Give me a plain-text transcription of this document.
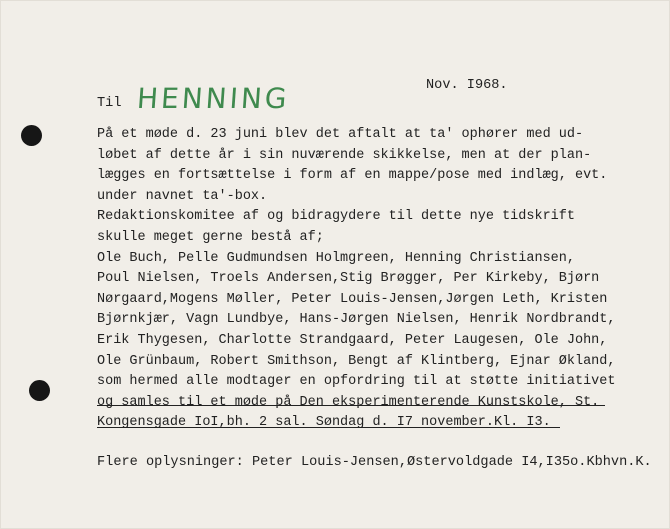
Nov. I968.
Til HENNING
På et møde d. 23 juni blev det aftalt at ta' ophører med ud-
løbet af dette år i sin nuværende skikkelse, men at der plan-
lægges en fortsættelse i form af en mappe/pose med indlæg, evt.
under navnet ta'-box.
Redaktionskomitee af og bidragydere til dette nye tidskrift
skulle meget gerne bestå af;
Ole Buch, Pelle Gudmundsen Holmgreen, Henning Christiansen,
Poul Nielsen, Troels Andersen,Stig Brøgger, Per Kirkeby, Bjørn
Nørgaard,Mogens Møller, Peter Louis-Jensen,Jørgen Leth, Kristen
Bjørnkjær, Vagn Lundbye, Hans-Jørgen Nielsen, Henrik Nordbrandt,
Erik Thygesen, Charlotte Strandgaard, Peter Laugesen, Ole John,
Ole Grünbaum, Robert Smithson, Bengt af Klintberg, Ejnar Økland,
som hermed alle modtager en opfordring til at støtte initiativet
og samles til et møde på Den eksperimenterende Kunstskole, St.
Kongensgade IoI,bh. 2 sal. Søndag d. I7 november.Kl. I3.
Flere oplysninger: Peter Louis-Jensen,Østervoldgade I4,I35o.Kbhvn.K.
